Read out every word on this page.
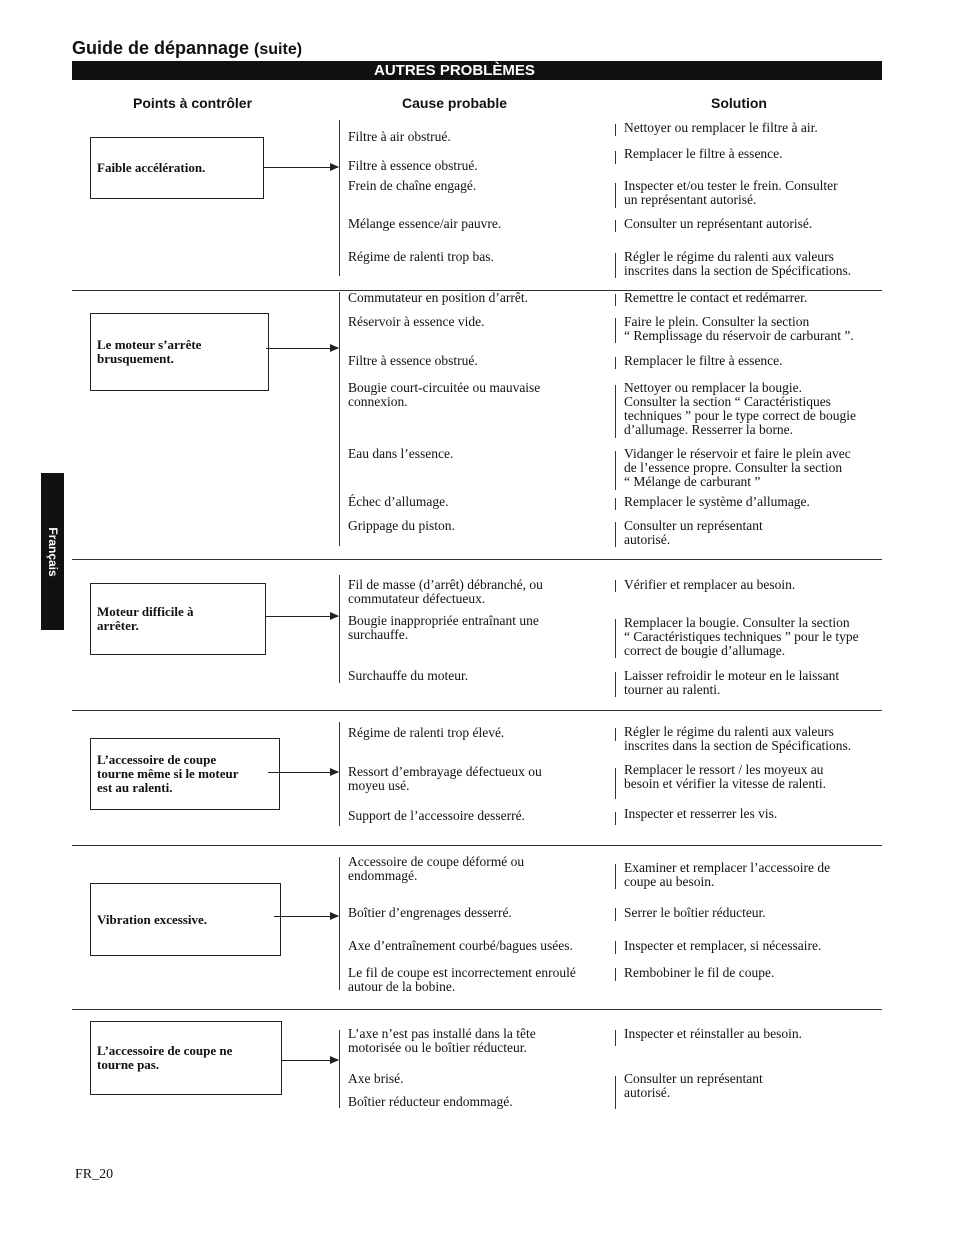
Guide de dépannage (suite)
AUTRES PROBLÈMES
Points à contrôler	Cause probable	Solution
Français
Faible accélération.
Filtre à air obstrué.
Filtre à essence obstrué.
Frein de chaîne engagé.
Mélange essence/air pauvre.
Régime de ralenti trop bas.
Nettoyer ou remplacer le filtre à air.
Remplacer le filtre à essence.
Inspecter et/ou tester le frein. Consulter
un représentant autorisé.
Consulter un représentant autorisé.
Régler le régime du ralenti aux valeurs
inscrites dans la section de Spécifications.
Le moteur s’arrête
brusquement.
Commutateur en position d’arrêt.
Réservoir à essence vide.
Filtre à essence obstrué.
Bougie court-circuitée ou mauvaise
connexion.
Eau dans l’essence.
Échec d’allumage.
Grippage du piston.
Remettre le contact et redémarrer.
Faire le plein. Consulter la section
“ Remplissage du réservoir de carburant ”.
Remplacer le filtre à essence.
Nettoyer ou remplacer la bougie.
Consulter la section “ Caractéristiques
techniques ” pour le type correct de bougie
d’allumage. Resserrer la borne.
Vidanger le réservoir et faire le plein avec
de l’essence propre. Consulter la section
“ Mélange de carburant ”
Remplacer le système d’allumage.
Consulter un représentant
autorisé.
Moteur difficile à
arrêter.
Fil de masse (d’arrêt) débranché, ou
commutateur défectueux.
Bougie inappropriée entraînant une
surchauffe.
Surchauffe du moteur.
Vérifier et remplacer au besoin.
Remplacer la bougie. Consulter la section
“ Caractéristiques techniques ” pour le type
correct de bougie d’allumage.
Laisser refroidir le moteur en le laissant
tourner au ralenti.
L’accessoire de coupe
tourne même si le moteur
est au ralenti.
Régime de ralenti trop élevé.
Ressort d’embrayage défectueux ou
moyeu usé.
Support de l’accessoire desserré.
Régler le régime du ralenti aux valeurs
inscrites dans la section de Spécifications.
Remplacer le ressort / les moyeux au
besoin et vérifier la vitesse de ralenti.
Inspecter et resserrer les vis.
Vibration excessive.
Accessoire de coupe déformé ou
endommagé.
Boîtier d’engrenages desserré.
Axe d’entraînement courbé/bagues usées.
Le fil de coupe est incorrectement enroulé
autour de la bobine.
Examiner et remplacer l’accessoire de
coupe au besoin.
Serrer le boîtier réducteur.
Inspecter et remplacer, si nécessaire.
Rembobiner le fil de coupe.
L’accessoire de coupe ne
tourne pas.
L’axe n’est pas installé dans la tête
motorisée ou le boîtier réducteur.
Axe brisé.
Boîtier réducteur endommagé.
Inspecter et réinstaller au besoin.
Consulter un représentant
autorisé.
FR_20
